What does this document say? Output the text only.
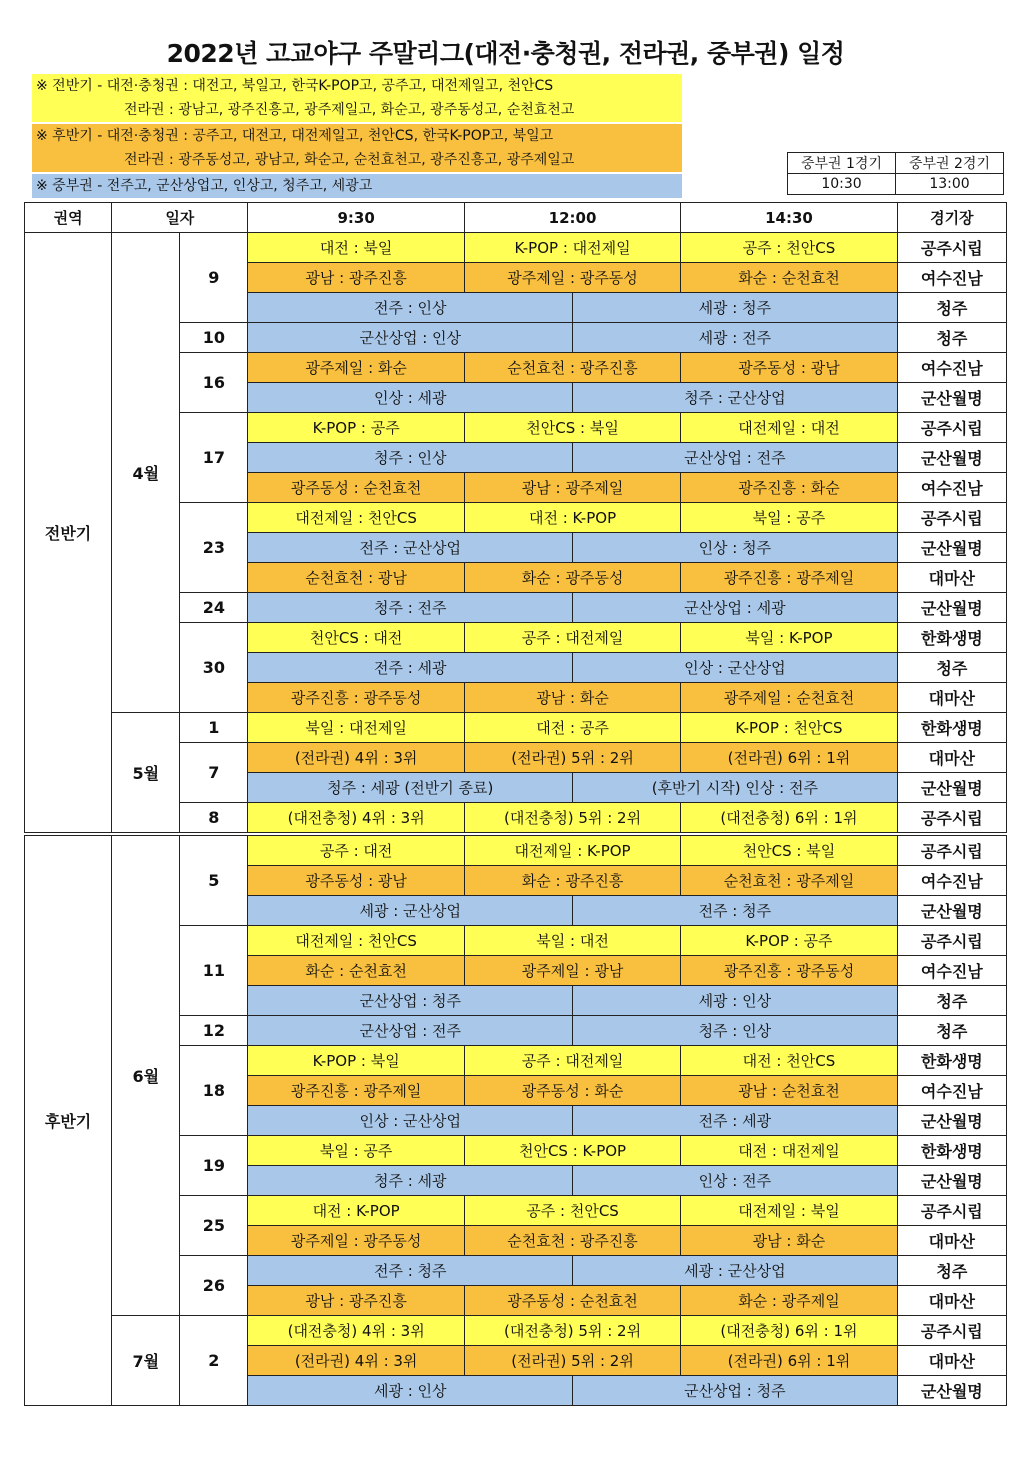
2022년 고교야구 주말리그(대전·충청권, 전라권, 중부권) 일정
※ 전반기 - 대전·충청권 : 대전고, 북일고, 한국K-POP고, 공주고, 대전제일고, 천안CS
전라권 : 광남고, 광주진흥고, 광주제일고, 화순고, 광주동성고, 순천효천고
※ 후반기 - 대전·충청권 : 공주고, 대전고, 대전제일고, 천안CS, 한국K-POP고, 북일고
전라권 : 광주동성고, 광남고, 화순고, 순천효천고, 광주진흥고, 광주제일고
※ 중부권 - 전주고, 군산상업고, 인상고, 청주고, 세광고
중부권 1경기	중부권 2경기
10:30	13:00
권역	일자		9:30	12:00		14:30	경기장
전반기	4월	9	대전 : 북일	K-POP : 대전제일		공주 : 천안CS	공주시립
			광남 : 광주진흥	광주제일 : 광주동성		화순 : 순천효천	여수진남
			전주 : 인상		세광 : 청주		청주
		10	군산상업 : 인상		세광 : 전주		청주
		16	광주제일 : 화순	순천효천 : 광주진흥		광주동성 : 광남	여수진남
			인상 : 세광		청주 : 군산상업		군산월명
		17	K-POP : 공주	천안CS : 북일		대전제일 : 대전	공주시립
			청주 : 인상		군산상업 : 전주		군산월명
			광주동성 : 순천효천	광남 : 광주제일		광주진흥 : 화순	여수진남
		23	대전제일 : 천안CS	대전 : K-POP		북일 : 공주	공주시립
			전주 : 군산상업		인상 : 청주		군산월명
			순천효천 : 광남	화순 : 광주동성		광주진흥 : 광주제일	대마산
		24	청주 : 전주		군산상업 : 세광		군산월명
		30	천안CS : 대전	공주 : 대전제일		북일 : K-POP	한화생명
			전주 : 세광		인상 : 군산상업		청주
			광주진흥 : 광주동성	광남 : 화순		광주제일 : 순천효천	대마산
	5월	1	북일 : 대전제일	대전 : 공주		K-POP : 천안CS	한화생명
		7	(전라권) 4위 : 3위	(전라권) 5위 : 2위		(전라권) 6위 : 1위	대마산
			청주 : 세광 (전반기 종료)		(후반기 시작) 인상 : 전주		군산월명
		8	(대전충청) 4위 : 3위	(대전충청) 5위 : 2위		(대전충청) 6위 : 1위	공주시립
후반기	6월	5	공주 : 대전	대전제일 : K-POP		천안CS : 북일	공주시립
			광주동성 : 광남	화순 : 광주진흥		순천효천 : 광주제일	여수진남
			세광 : 군산상업		전주 : 청주		군산월명
		11	대전제일 : 천안CS	북일 : 대전		K-POP : 공주	공주시립
			화순 : 순천효천	광주제일 : 광남		광주진흥 : 광주동성	여수진남
			군산상업 : 청주		세광 : 인상		청주
		12	군산상업 : 전주		청주 : 인상		청주
		18	K-POP : 북일	공주 : 대전제일		대전 : 천안CS	한화생명
			광주진흥 : 광주제일	광주동성 : 화순		광남 : 순천효천	여수진남
			인상 : 군산상업		전주 : 세광		군산월명
		19	북일 : 공주	천안CS : K-POP		대전 : 대전제일	한화생명
			청주 : 세광		인상 : 전주		군산월명
		25	대전 : K-POP	공주 : 천안CS		대전제일 : 북일	공주시립
			광주제일 : 광주동성	순천효천 : 광주진흥		광남 : 화순	대마산
		26	전주 : 청주		세광 : 군산상업		청주
			광남 : 광주진흥	광주동성 : 순천효천		화순 : 광주제일	대마산
	7월	2	(대전충청) 4위 : 3위	(대전충청) 5위 : 2위		(대전충청) 6위 : 1위	공주시립
			(전라권) 4위 : 3위	(전라권) 5위 : 2위		(전라권) 6위 : 1위	대마산
			세광 : 인상		군산상업 : 청주		군산월명
